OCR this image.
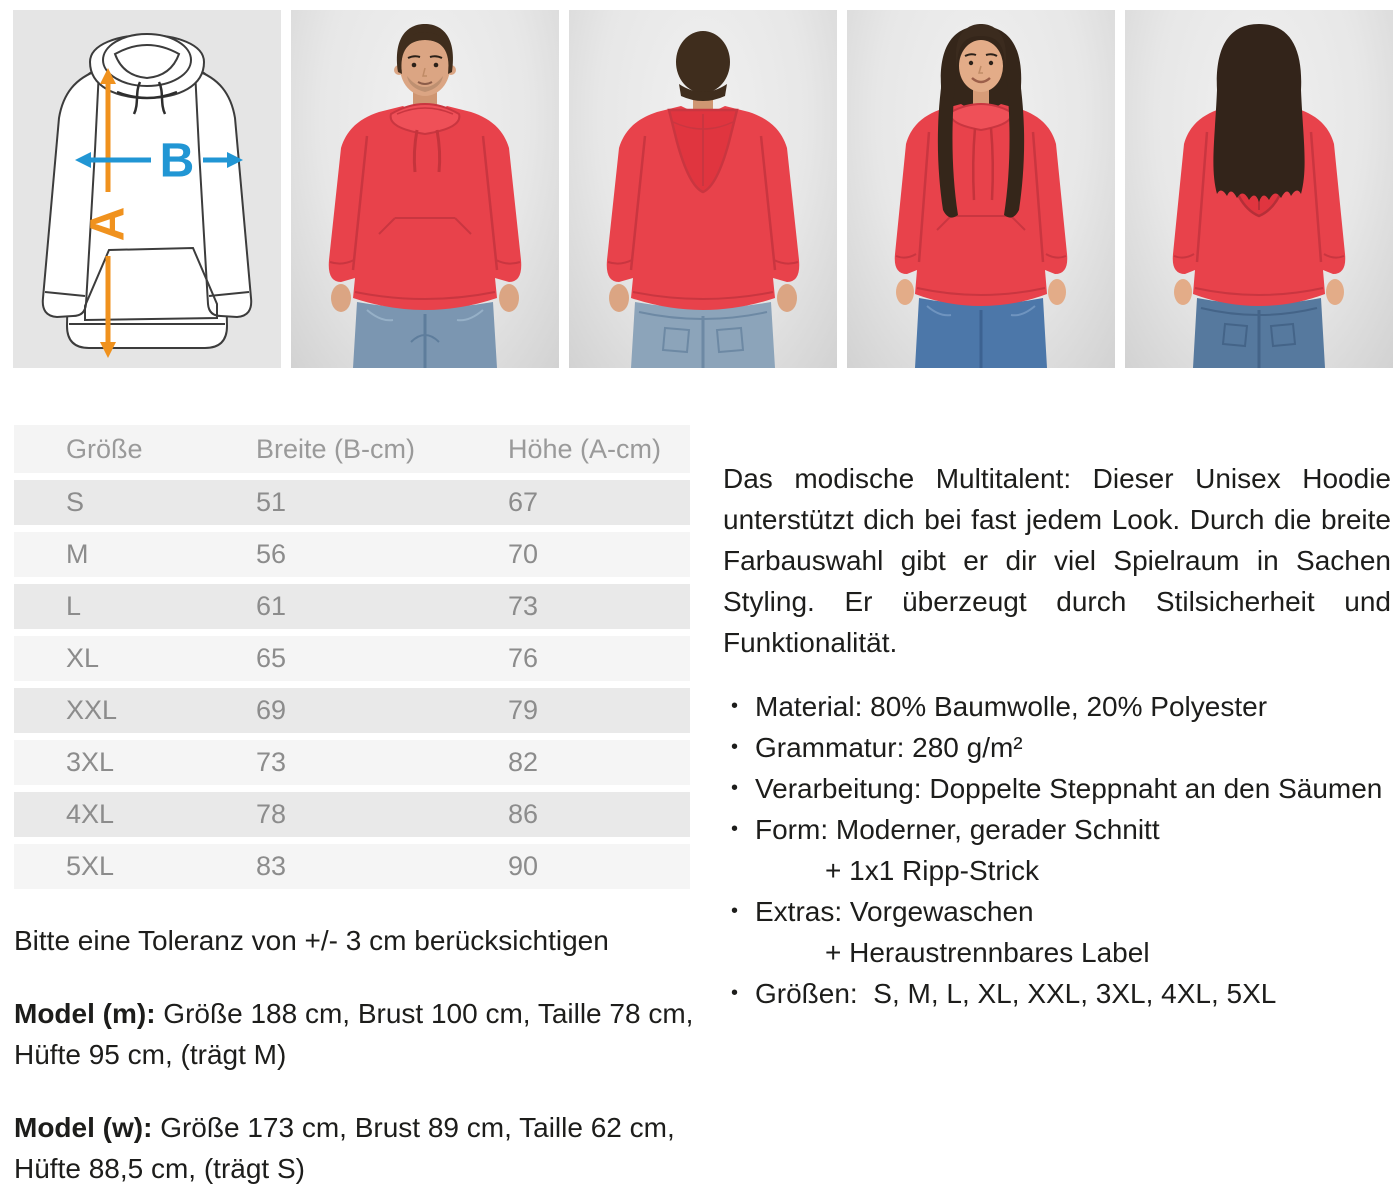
A
B
Größe	Breite (B-cm)	Höhe (A-cm)
S	51	67
M	56	70
L	61	73
XL	65	76
XXL	69	79
3XL	73	82
4XL	78	86
5XL	83	90

Das modische Multitalent: Dieser Unisex Hoodie unterstützt dich bei fast jedem Look. Durch die breite Farbauswahl gibt er dir viel Spielraum in Sachen Styling. Er überzeugt durch Stilsicherheit und Funktionalität.

• Material: 80% Baumwolle, 20% Polyester
• Grammatur: 280 g/m²
• Verarbeitung: Doppelte Steppnaht an den Säumen
• Form: Moderner, gerader Schnitt
+ 1x1 Ripp-Strick
• Extras: Vorgewaschen
+ Heraustrennbares Label
• Größen:  S, M, L, XL, XXL, 3XL, 4XL, 5XL

Bitte eine Toleranz von +/- 3 cm berücksichtigen

Model (m): Größe 188 cm, Brust 100 cm, Taille 78 cm, Hüfte 95 cm, (trägt M)

Model (w): Größe 173 cm, Brust 89 cm, Taille 62 cm, Hüfte 88,5 cm, (trägt S)
